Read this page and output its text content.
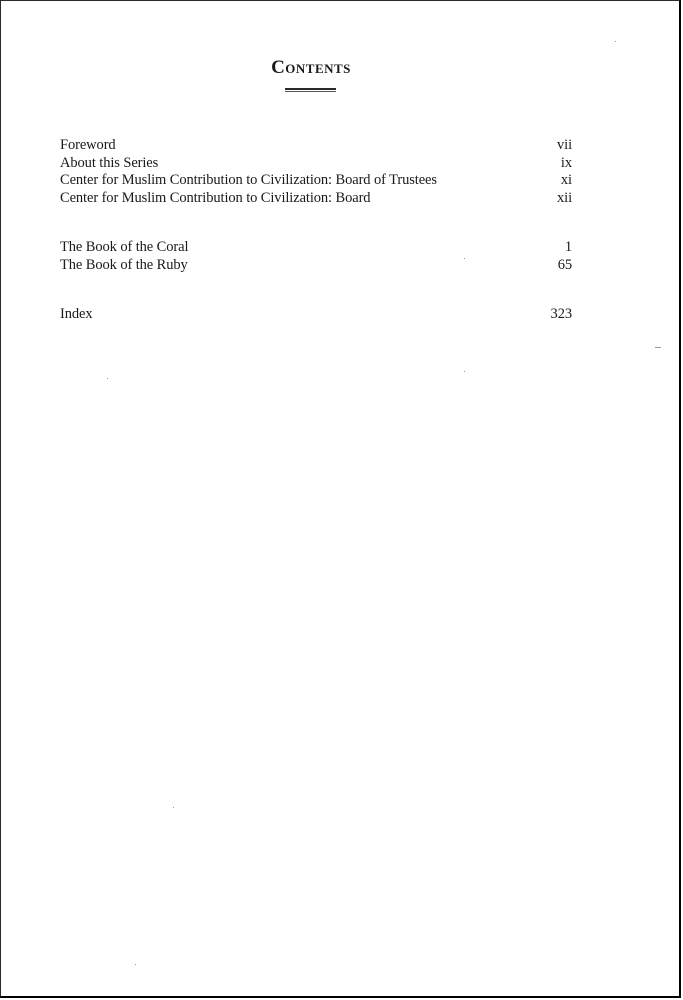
Contents
Foreword	vii
About this Series	ix
Center for Muslim Contribution to Civilization: Board of Trustees	xi
Center for Muslim Contribution to Civilization: Board	xii
The Book of the Coral	1
The Book of the Ruby	65
Index	323
